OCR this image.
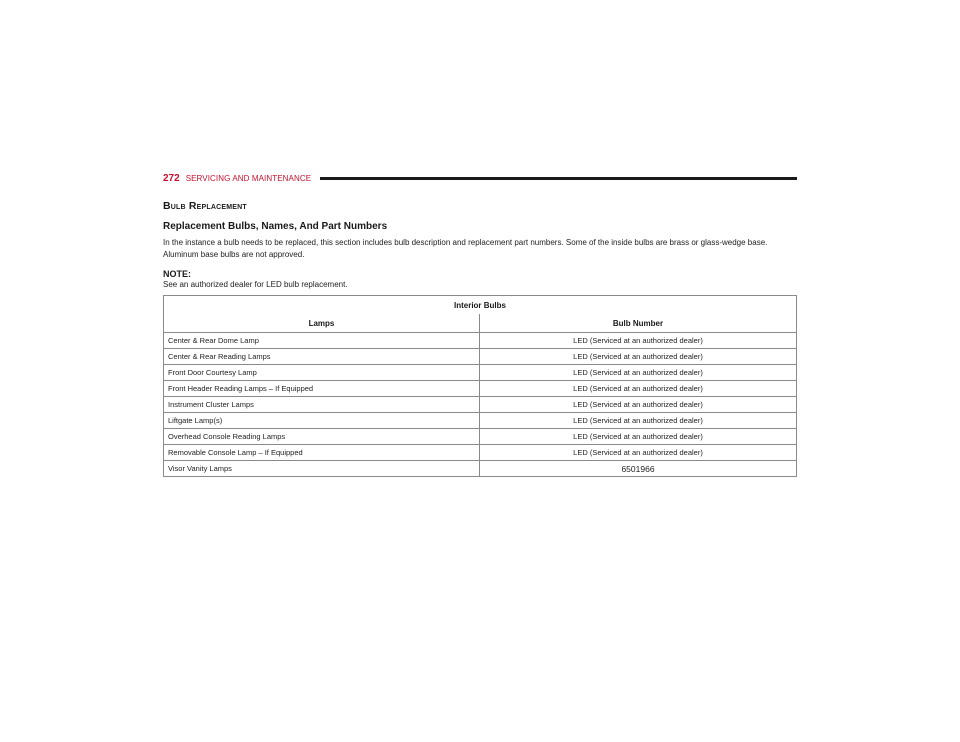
272 SERVICING AND MAINTENANCE
Bulb Replacement
Replacement Bulbs, Names, And Part Numbers
In the instance a bulb needs to be replaced, this section includes bulb description and replacement part numbers. Some of the inside bulbs are brass or glass-wedge base. Aluminum base bulbs are not approved.
NOTE:
See an authorized dealer for LED bulb replacement.
Interior Bulbs	
Lamps	Bulb Number
Center & Rear Dome Lamp	LED (Serviced at an authorized dealer)
Center & Rear Reading Lamps	LED (Serviced at an authorized dealer)
Front Door Courtesy Lamp	LED (Serviced at an authorized dealer)
Front Header Reading Lamps – If Equipped	LED (Serviced at an authorized dealer)
Instrument Cluster Lamps	LED (Serviced at an authorized dealer)
Liftgate Lamp(s)	LED (Serviced at an authorized dealer)
Overhead Console Reading Lamps	LED (Serviced at an authorized dealer)
Removable Console Lamp – If Equipped	LED (Serviced at an authorized dealer)
Visor Vanity Lamps	6501966
